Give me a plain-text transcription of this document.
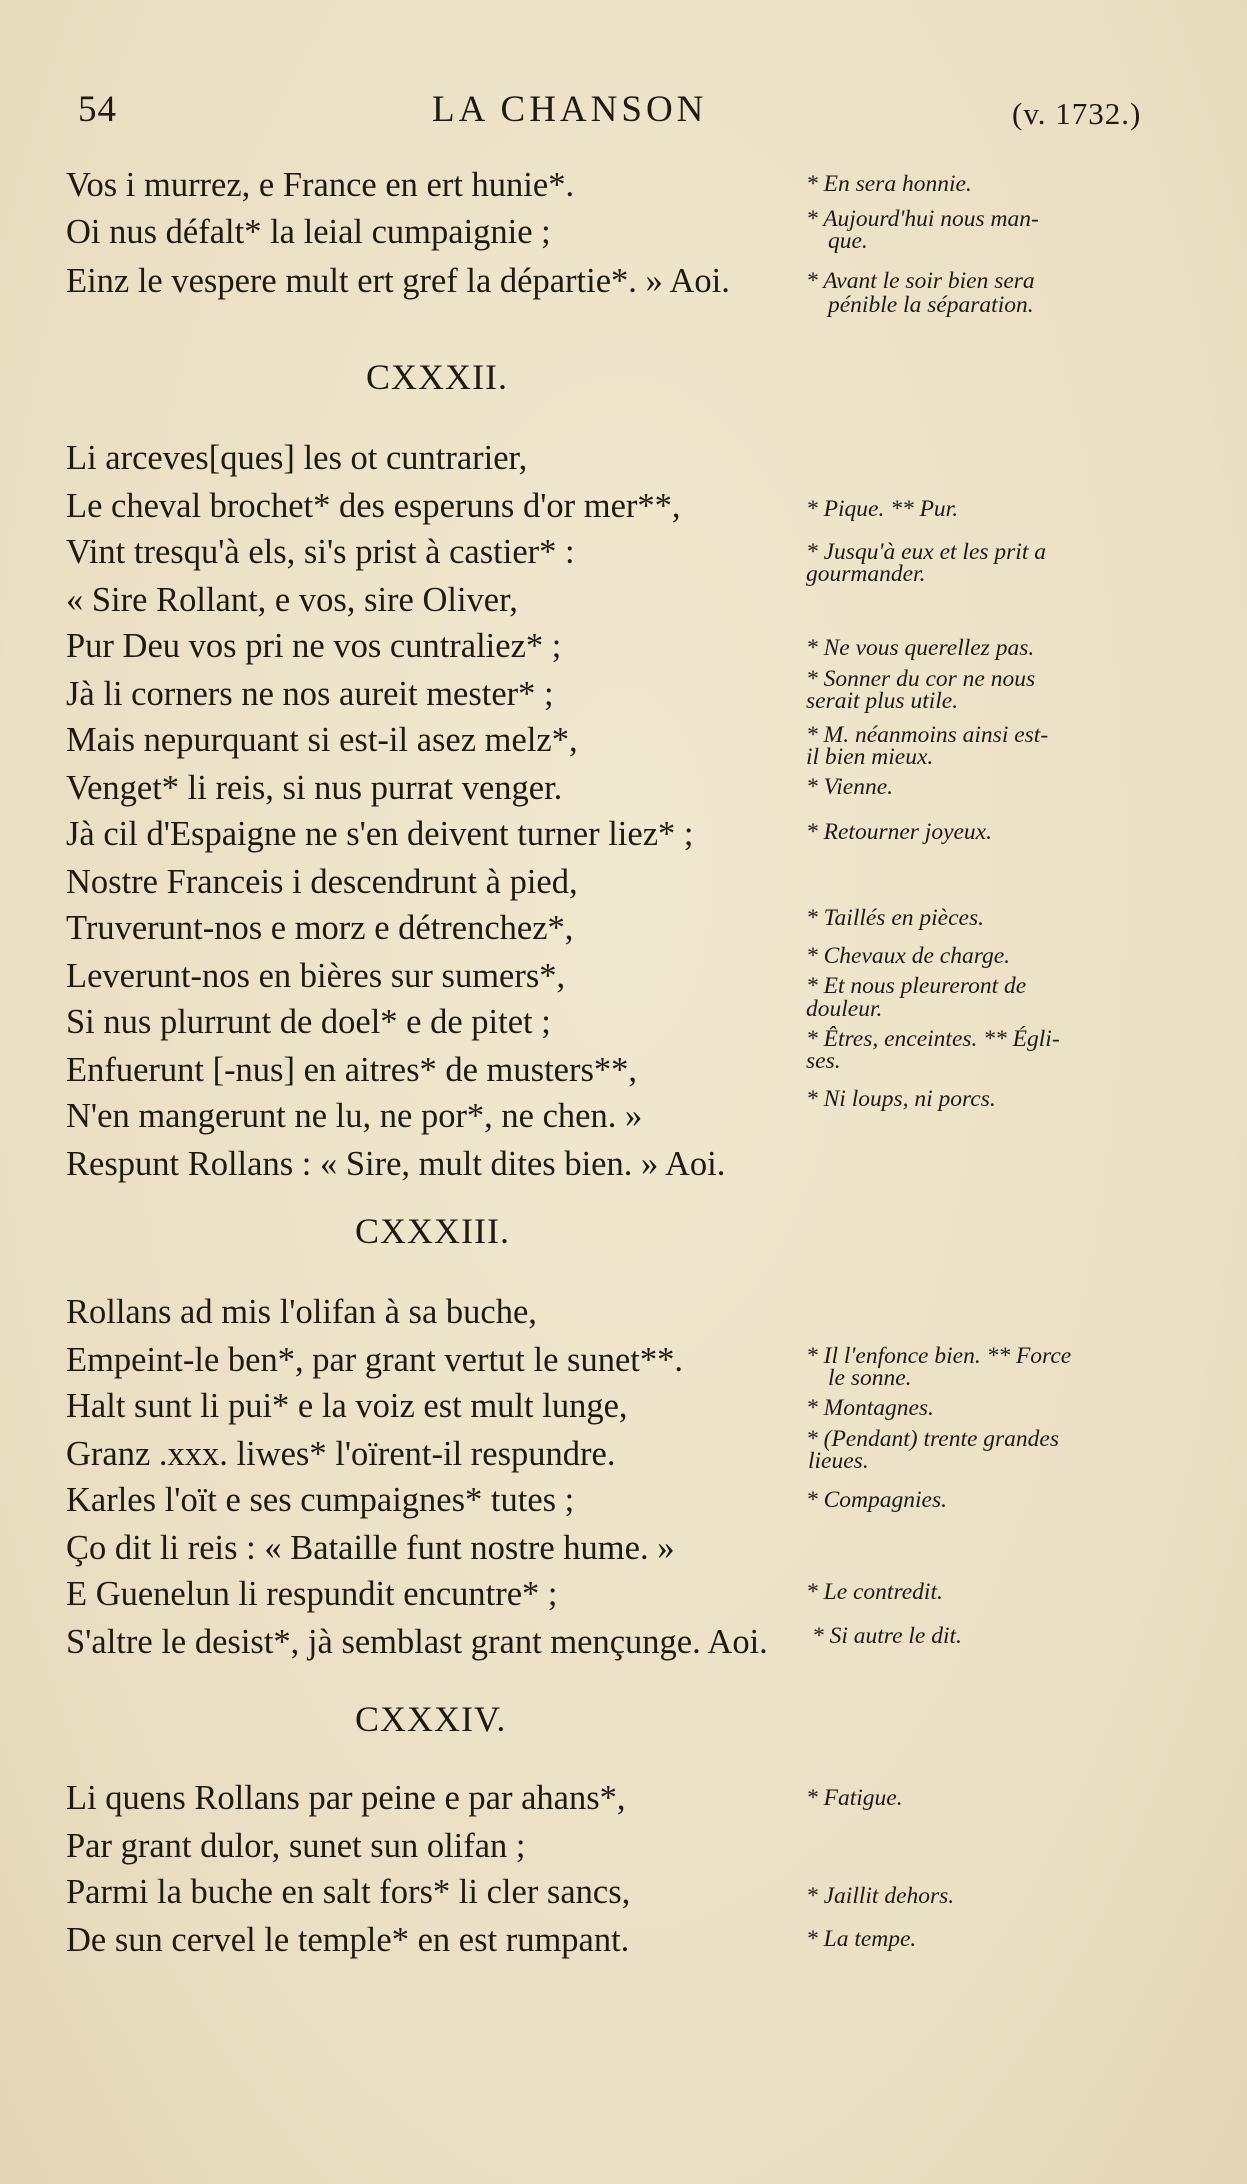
54	LA CHANSON	(v. 1732.)
Vos i murrez, e France en ert hunie*.
Oi nus défalt* la leial cumpaignie ;
Einz le vespere mult ert gref la départie*. » Aoi.
* En sera honnie.
* Aujourd'hui nous man-
que.
* Avant le soir bien sera
pénible la séparation.
CXXXII.
Li arceves[ques] les ot cuntrarier,
Le cheval brochet* des esperuns d'or mer**,
Vint tresqu'à els, si's prist à castier* :
« Sire Rollant, e vos, sire Oliver,
Pur Deu vos pri ne vos cuntraliez* ;
Jà li corners ne nos aureit mester* ;
Mais nepurquant si est-il asez melz*,
Venget* li reis, si nus purrat venger.
Jà cil d'Espaigne ne s'en deivent turner liez* ;
Nostre Franceis i descendrunt à pied,
Truverunt-nos e morz e détrenchez*,
Leverunt-nos en bières sur sumers*,
Si nus plurrunt de doel* e de pitet ;
Enfuerunt [-nus] en aitres* de musters**,
N'en mangerunt ne lu, ne por*, ne chen. »
Respunt Rollans : « Sire, mult dites bien. » Aoi.
* Pique. ** Pur.
* Jusqu'à eux et les prit a
gourmander.
* Ne vous querellez pas.
* Sonner du cor ne nous
serait plus utile.
* M. néanmoins ainsi est-
il bien mieux.
* Vienne.
* Retourner joyeux.
* Taillés en pièces.
* Chevaux de charge.
* Et nous pleureront de
douleur.
* Êtres, enceintes. ** Égli-
ses.
* Ni loups, ni porcs.
CXXXIII.
Rollans ad mis l'olifan à sa buche,
Empeint-le ben*, par grant vertut le sunet**.
Halt sunt li pui* e la voiz est mult lunge,
Granz .xxx. liwes* l'oïrent-il respundre.
Karles l'oït e ses cumpaignes* tutes ;
Ço dit li reis : « Bataille funt nostre hume. »
E Guenelun li respundit encuntre* ;
S'altre le desist*, jà semblast grant mençunge. Aoi.
* Il l'enfonce bien. ** Force
le sonne.
* Montagnes.
* (Pendant) trente grandes
lieues.
* Compagnies.
* Le contredit.
* Si autre le dit.
CXXXIV.
Li quens Rollans par peine e par ahans*,
Par grant dulor, sunet sun olifan ;
Parmi la buche en salt fors* li cler sancs,
De sun cervel le temple* en est rumpant.
* Fatigue.
* Jaillit dehors.
* La tempe.
